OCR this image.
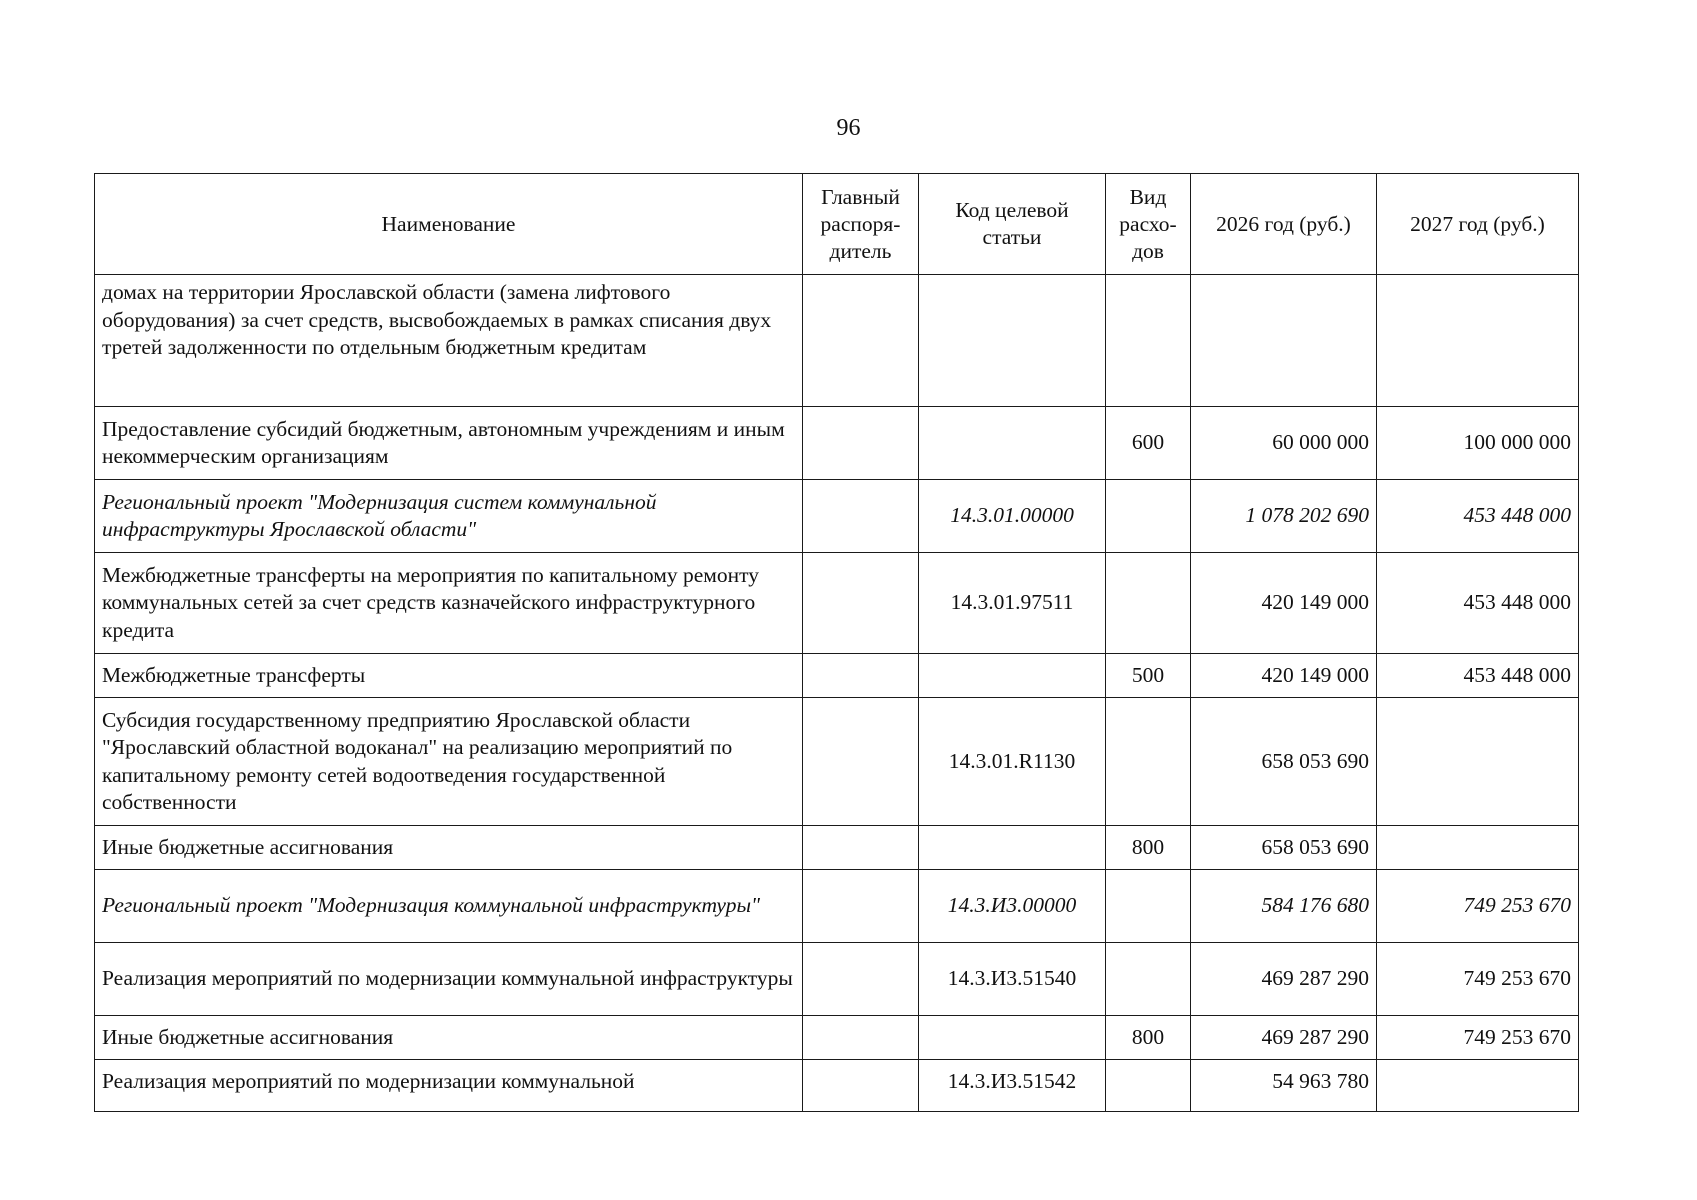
96
Наименование	Главный распоря-дитель	Код целевой статьи	Вид расхо-дов	2026 год (руб.)	2027 год (руб.)
домах на территории Ярославской области (замена лифтового оборудования) за счет средств, высвобождаемых в рамках списания двух третей задолженности по отдельным бюджетным кредитам					
Предоставление субсидий бюджетным, автономным учреждениям и иным некоммерческим организациям			600	60 000 000	100 000 000
Региональный проект "Модернизация систем коммунальной инфраструктуры Ярославской области"		14.3.01.00000		1 078 202 690	453 448 000
Межбюджетные трансферты на мероприятия по капитальному ремонту коммунальных сетей за счет средств казначейского инфраструктурного кредита		14.3.01.97511		420 149 000	453 448 000
Межбюджетные трансферты			500	420 149 000	453 448 000
Субсидия государственному предприятию Ярославской области "Ярославский областной водоканал" на реализацию мероприятий по капитальному ремонту сетей водоотведения государственной собственности		14.3.01.R1130		658 053 690	
Иные бюджетные ассигнования			800	658 053 690	
Региональный проект "Модернизация коммунальной инфраструктуры"		14.3.И3.00000		584 176 680	749 253 670
Реализация мероприятий по модернизации коммунальной инфраструктуры		14.3.И3.51540		469 287 290	749 253 670
Иные бюджетные ассигнования			800	469 287 290	749 253 670
Реализация мероприятий по модернизации коммунальной		14.3.И3.51542		54 963 780	
